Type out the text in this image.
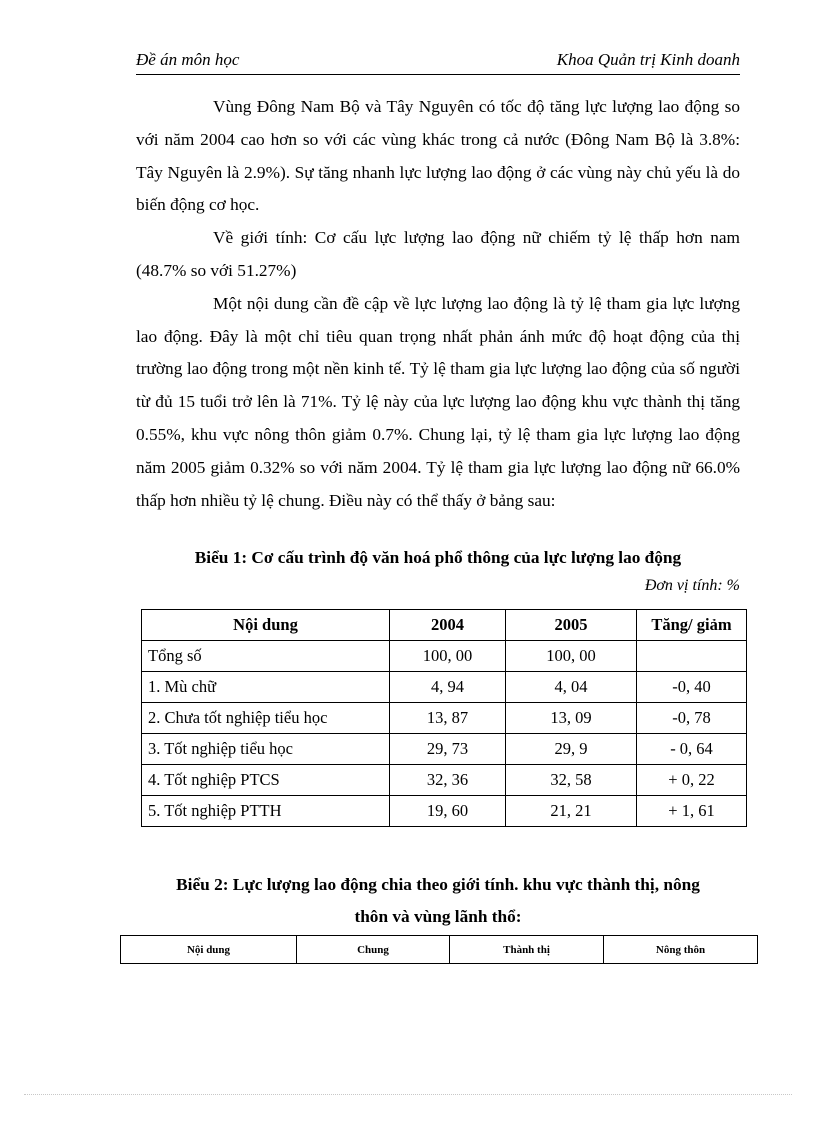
Đề án môn học	Khoa Quản trị Kinh doanh

Vùng Đông Nam Bộ và Tây Nguyên có tốc độ tăng lực lượng lao động so với năm 2004 cao hơn so với các vùng khác trong cả nước (Đông Nam Bộ là 3.8%: Tây Nguyên là 2.9%). Sự tăng nhanh lực lượng lao động ở các vùng này chủ yếu là do biến động cơ học.

Về giới tính: Cơ cấu lực lượng lao động nữ chiếm tỷ lệ thấp hơn nam (48.7% so với 51.27%)

Một nội dung cần đề cập về lực lượng lao động là tỷ lệ tham gia lực lượng lao động. Đây là một chỉ tiêu quan trọng nhất phản ánh mức độ hoạt động của thị trường lao động trong một nền kinh tế. Tỷ lệ tham gia lực lượng lao động của số người từ đủ 15 tuổi trở lên là 71%. Tỷ lệ này của lực lượng lao động khu vực thành thị tăng 0.55%, khu vực nông thôn giảm 0.7%. Chung lại, tỷ lệ tham gia lực lượng lao động năm 2005 giảm 0.32% so với năm 2004. Tỷ lệ tham gia lực lượng lao động nữ 66.0% thấp hơn nhiều tỷ lệ chung. Điều này có thể thấy ở bảng sau:

Biểu 1: Cơ cấu trình độ văn hoá phổ thông của lực lượng lao động

Đơn vị tính: %
Nội dung	2004	2005	Tăng/ giảm
Tổng số	100, 00	100, 00	
1. Mù chữ	4, 94	4, 04	-0, 40
2. Chưa tốt nghiệp tiểu học	13, 87	13, 09	-0, 78
3. Tốt nghiệp tiểu học	29, 73	29, 9	- 0, 64
4. Tốt nghiệp PTCS	32, 36	32, 58	+ 0, 22
5. Tốt nghiệp PTTH	19, 60	21, 21	+ 1, 61
Biểu 2: Lực lượng lao động chia theo giới tính. khu vực thành thị, nông
thôn và vùng lãnh thổ:
Nội dung	Chung	Thành thị	Nông thôn
